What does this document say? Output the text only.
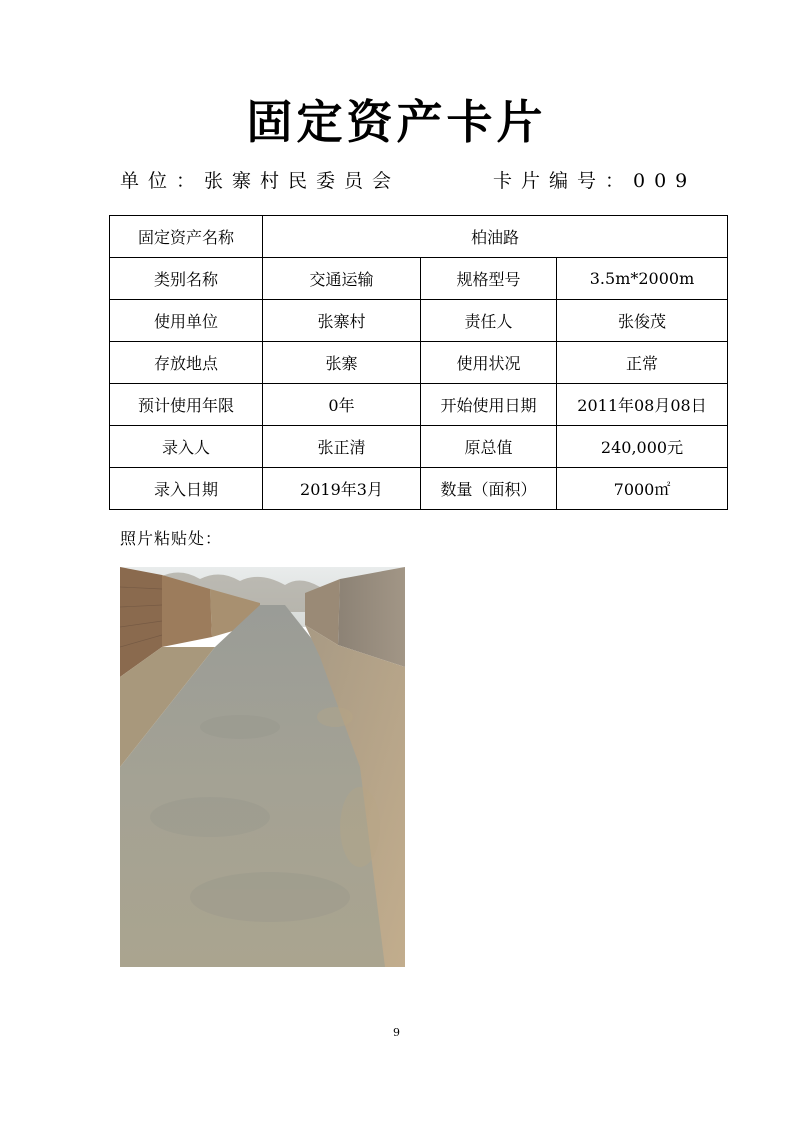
固定资产卡片
单位：张寨村民委员会	卡片编号：009
固定资产名称	柏油路		
类别名称	交通运输	规格型号	3.5m*2000m
使用单位	张寨村	责任人	张俊茂
存放地点	张寨	使用状况	正常
预计使用年限	0年	开始使用日期	2011年08月08日
录入人	张正清	原总值	240,000元
录入日期	2019年3月	数量（面积）	7000㎡
照片粘贴处：
9
